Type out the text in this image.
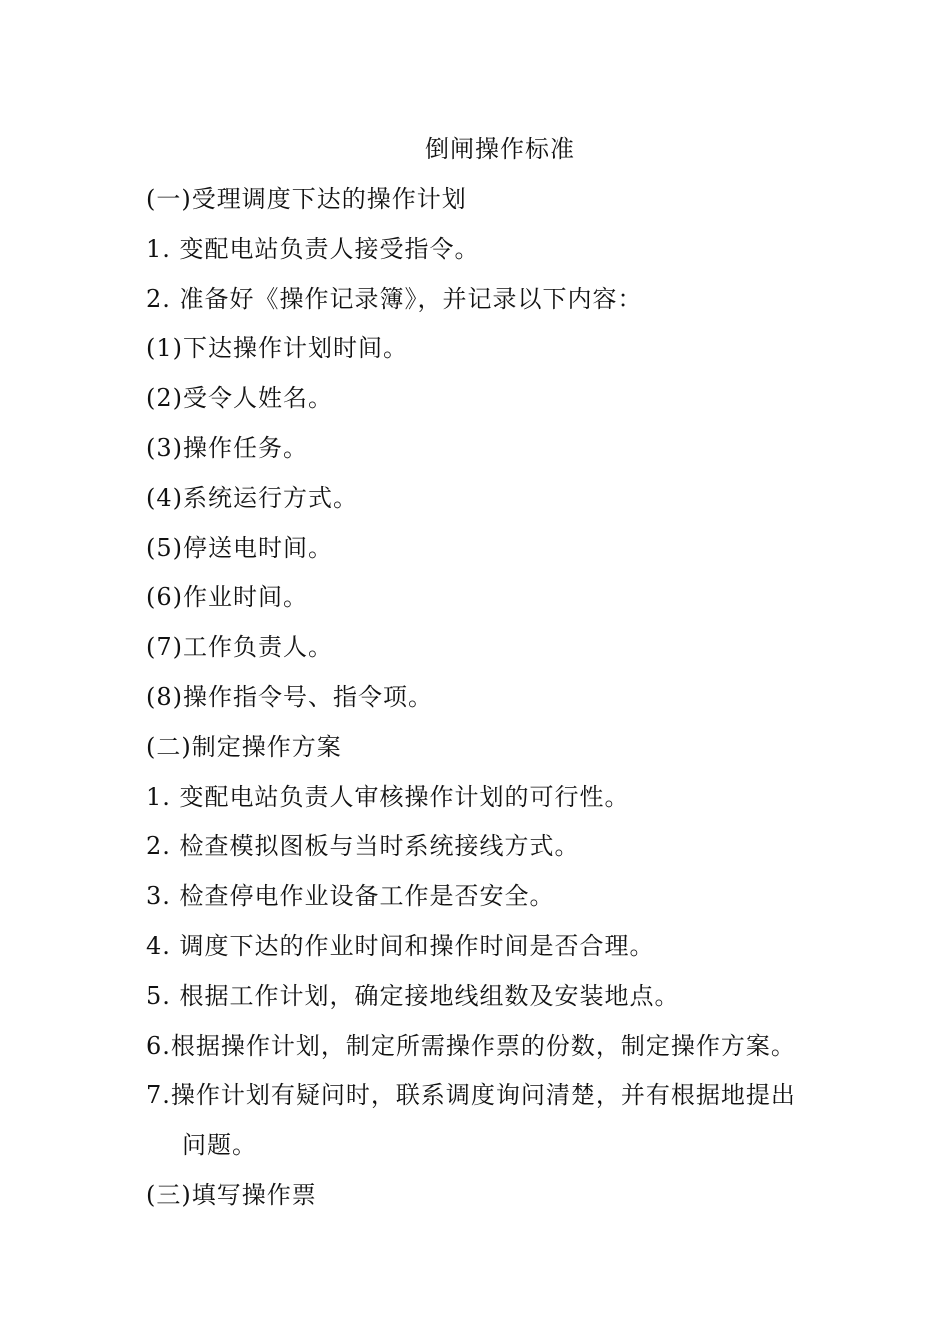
倒闸操作标准
(一)受理调度下达的操作计划
1. 变配电站负责人接受指令。
2. 准备好《操作记录簿》，并记录以下内容：
(1)下达操作计划时间。
(2)受令人姓名。
(3)操作任务。
(4)系统运行方式。
(5)停送电时间。
(6)作业时间。
(7)工作负责人。
(8)操作指令号、指令项。
(二)制定操作方案
1. 变配电站负责人审核操作计划的可行性。
2. 检查模拟图板与当时系统接线方式。
3. 检查停电作业设备工作是否安全。
4. 调度下达的作业时间和操作时间是否合理。
5. 根据工作计划，确定接地线组数及安装地点。
6.根据操作计划，制定所需操作票的份数，制定操作方案。
7.操作计划有疑问时，联系调度询问清楚，并有根据地提出
问题。
(三)填写操作票
